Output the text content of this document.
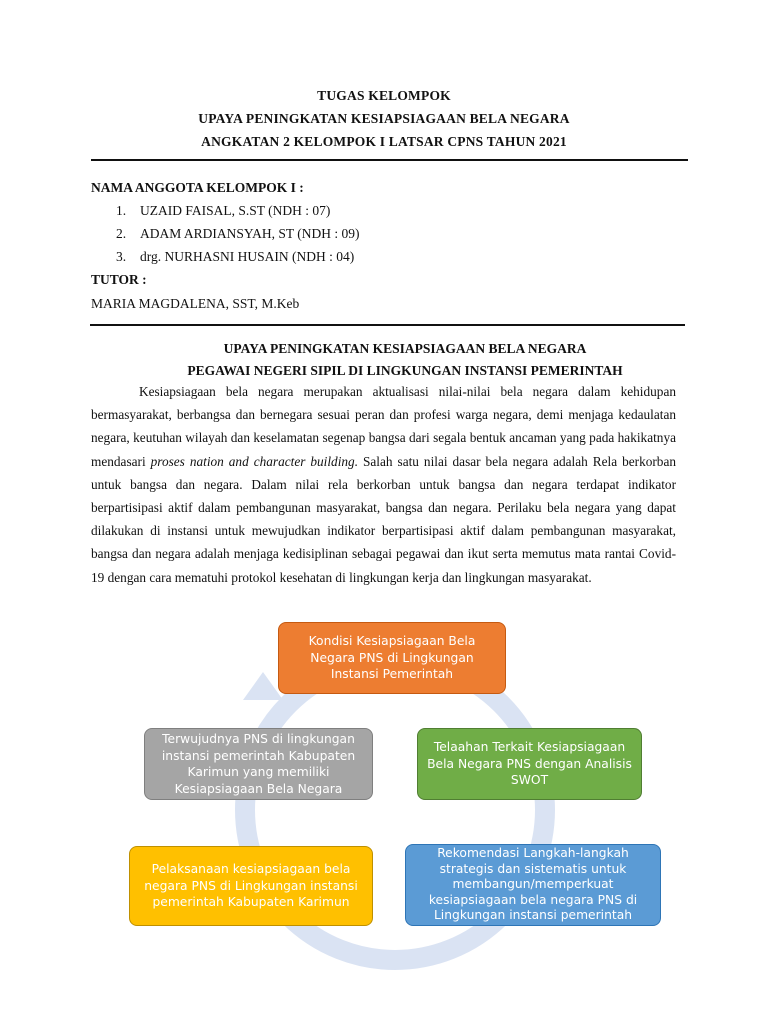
TUGAS KELOMPOK
UPAYA PENINGKATAN KESIAPSIAGAAN BELA NEGARA
ANGKATAN 2 KELOMPOK I LATSAR CPNS TAHUN 2021
NAMA ANGGOTA KELOMPOK I :
1. UZAID FAISAL, S.ST (NDH : 07)
2. ADAM ARDIANSYAH, ST (NDH : 09)
3. drg. NURHASNI HUSAIN (NDH : 04)
TUTOR :
MARIA MAGDALENA, SST, M.Keb
UPAYA PENINGKATAN KESIAPSIAGAAN BELA NEGARA
PEGAWAI NEGERI SIPIL DI LINGKUNGAN INSTANSI PEMERINTAH

Kesiapsiagaan bela negara merupakan aktualisasi nilai-nilai bela negara dalam kehidupan bermasyarakat, berbangsa dan bernegara sesuai peran dan profesi warga negara, demi menjaga kedaulatan negara, keutuhan wilayah dan keselamatan segenap bangsa dari segala bentuk ancaman yang pada hakikatnya mendasari proses nation and character building. Salah satu nilai dasar bela negara adalah Rela berkorban untuk bangsa dan negara. Dalam nilai rela berkorban untuk bangsa dan negara terdapat indikator berpartisipasi aktif dalam pembangunan masyarakat, bangsa dan negara. Perilaku bela negara yang dapat dilakukan di instansi untuk mewujudkan indikator berpartisipasi aktif dalam pembangunan masyarakat, bangsa dan negara adalah menjaga kedisiplinan sebagai pegawai dan ikut serta memutus mata rantai Covid-19 dengan cara mematuhi protokol kesehatan di lingkungan kerja dan lingkungan masyarakat.

Kondisi Kesiapsiagaan Bela Negara PNS di Lingkungan Instansi Pemerintah
Telaahan Terkait Kesiapsiagaan Bela Negara PNS dengan Analisis SWOT
Rekomendasi Langkah-langkah strategis dan sistematis untuk membangun/memperkuat kesiapsiagaan bela negara PNS di Lingkungan instansi pemerintah
Pelaksanaan kesiapsiagaan bela negara PNS di Lingkungan instansi pemerintah Kabupaten Karimun
Terwujudnya PNS di lingkungan instansi pemerintah Kabupaten Karimun yang memiliki Kesiapsiagaan Bela Negara
